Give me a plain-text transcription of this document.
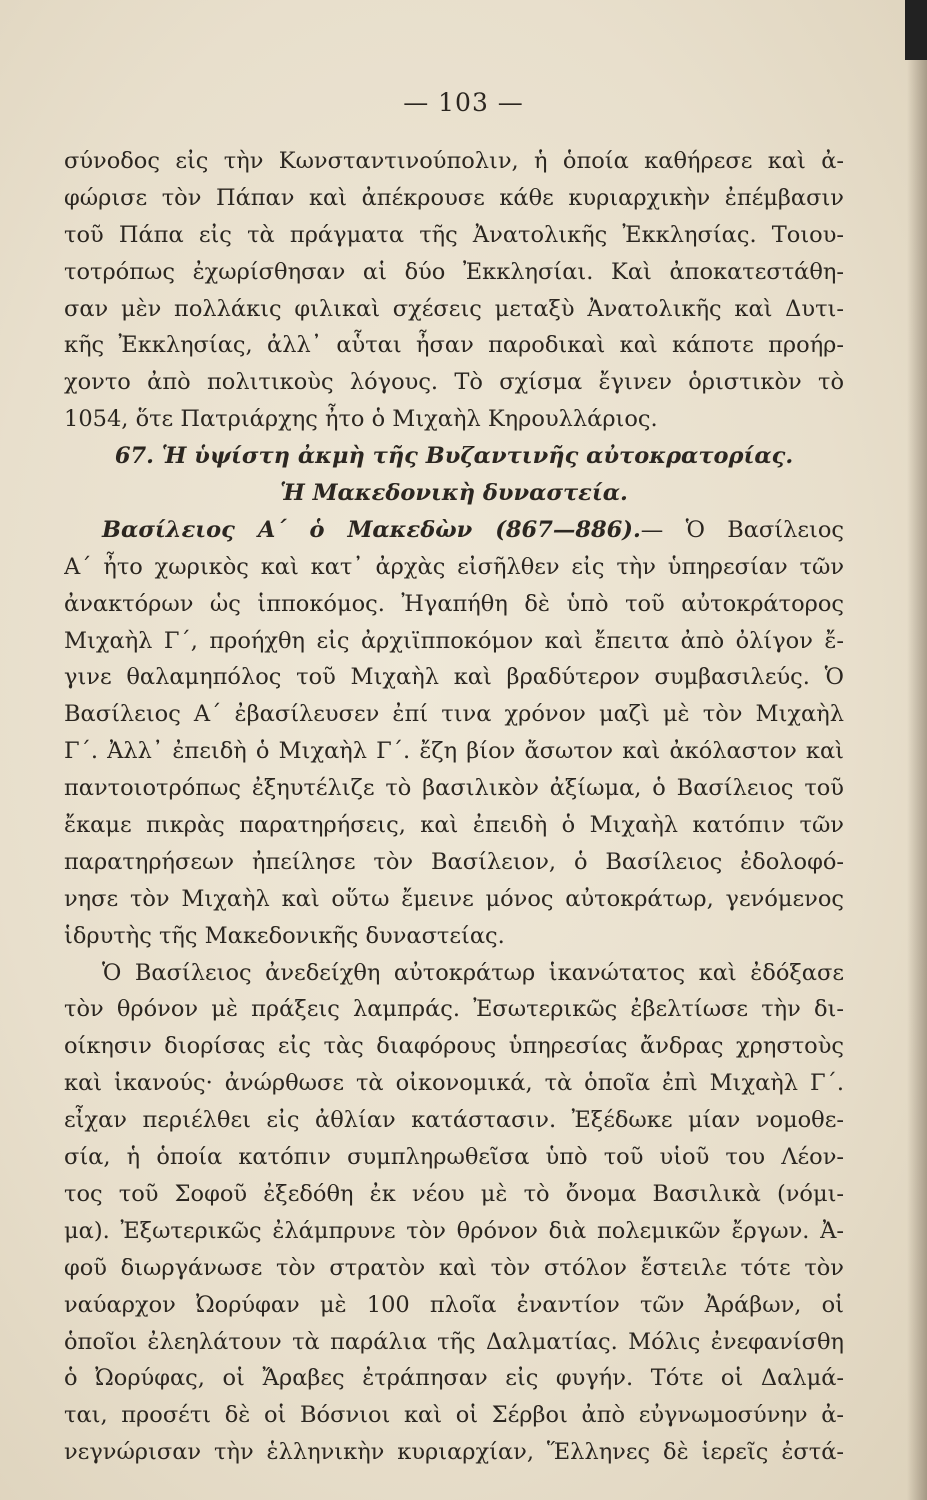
— 103 —
σύνοδος εἰς τὴν Κωνσταντινούπολιν, ἡ ὁποία καθήρεσε καὶ ἀ-
φώρισε τὸν Πάπαν καὶ ἀπέκρουσε κάθε κυριαρχικὴν ἐπέμβασιν
τοῦ Πάπα εἰς τὰ πράγματα τῆς Ἀνατολικῆς Ἐκκλησίας. Τοιου-
τοτρόπως ἐχωρίσθησαν αἱ δύο Ἐκκλησίαι. Καὶ ἀποκατεστάθη-
σαν μὲν πολλάκις φιλικαὶ σχέσεις μεταξὺ Ἀνατολικῆς καὶ Δυτι-
κῆς Ἐκκλησίας, ἀλλ᾽ αὗται ἦσαν παροδικαὶ καὶ κάποτε προήρ-
χοντο ἀπὸ πολιτικοὺς λόγους. Τὸ σχίσμα ἔγινεν ὁριστικὸν τὸ
1054, ὅτε Πατριάρχης ἦτο ὁ Μιχαὴλ Κηρουλλάριος.
67. Ἡ ὑψίστη ἀκμὴ τῆς Βυζαντινῆς αὐτοκρατορίας.
Ἡ Μακεδονικὴ δυναστεία.
Βασίλειος Α΄ ὁ Μακεδὼν (867—886).— Ὁ Βασίλειος
Α΄ ἦτο χωρικὸς καὶ κατ᾽ ἀρχὰς εἰσῆλθεν εἰς τὴν ὑπηρεσίαν τῶν
ἀνακτόρων ὡς ἱπποκόμος. Ἠγαπήθη δὲ ὑπὸ τοῦ αὐτοκράτορος
Μιχαὴλ Γ΄, προήχθη εἰς ἀρχιϊπποκόμον καὶ ἔπειτα ἀπὸ ὀλίγον ἔ-
γινε θαλαμηπόλος τοῦ Μιχαὴλ καὶ βραδύτερον συμβασιλεύς. Ὁ
Βασίλειος Α΄ ἐβασίλευσεν ἐπί τινα χρόνον μαζὶ μὲ τὸν Μιχαὴλ
Γ΄. Ἀλλ᾽ ἐπειδὴ ὁ Μιχαὴλ Γ΄. ἔζη βίον ἄσωτον καὶ ἀκόλαστον καὶ
παντοιοτρόπως ἐξηυτέλιζε τὸ βασιλικὸν ἀξίωμα, ὁ Βασίλειος τοῦ
ἔκαμε πικρὰς παρατηρήσεις, καὶ ἐπειδὴ ὁ Μιχαὴλ κατόπιν τῶν
παρατηρήσεων ἠπείλησε τὸν Βασίλειον, ὁ Βασίλειος ἐδολοφό-
νησε τὸν Μιχαὴλ καὶ οὕτω ἔμεινε μόνος αὐτοκράτωρ, γενόμενος
ἱδρυτὴς τῆς Μακεδονικῆς δυναστείας.
Ὁ Βασίλειος ἀνεδείχθη αὐτοκράτωρ ἱκανώτατος καὶ ἐδόξασε
τὸν θρόνον μὲ πράξεις λαμπράς. Ἐσωτερικῶς ἐβελτίωσε τὴν δι-
οίκησιν διορίσας εἰς τὰς διαφόρους ὑπηρεσίας ἄνδρας χρηστοὺς
καὶ ἱκανούς· ἀνώρθωσε τὰ οἰκονομικά, τὰ ὁποῖα ἐπὶ Μιχαὴλ Γ΄.
εἶχαν περιέλθει εἰς ἀθλίαν κατάστασιν. Ἐξέδωκε μίαν νομοθε-
σία, ἡ ὁποία κατόπιν συμπληρωθεῖσα ὑπὸ τοῦ υἱοῦ του Λέον-
τος τοῦ Σοφοῦ ἐξεδόθη ἐκ νέου μὲ τὸ ὄνομα Βασιλικὰ (νόμι-
μα). Ἐξωτερικῶς ἐλάμπρυνε τὸν θρόνον διὰ πολεμικῶν ἔργων. Ἀ-
φοῦ διωργάνωσε τὸν στρατὸν καὶ τὸν στόλον ἔστειλε τότε τὸν
ναύαρχον Ὠορύφαν μὲ 100 πλοῖα ἐναντίον τῶν Ἀράβων, οἱ
ὁποῖοι ἐλεηλάτουν τὰ παράλια τῆς Δαλματίας. Μόλις ἐνεφανίσθη
ὁ Ὠορύφας, οἱ Ἄραβες ἐτράπησαν εἰς φυγήν. Τότε οἱ Δαλμά-
ται, προσέτι δὲ οἱ Βόσνιοι καὶ οἱ Σέρβοι ἀπὸ εὐγνωμοσύνην ἀ-
νεγνώρισαν τὴν ἑλληνικὴν κυριαρχίαν, Ἕλληνες δὲ ἱερεῖς ἐστά-
